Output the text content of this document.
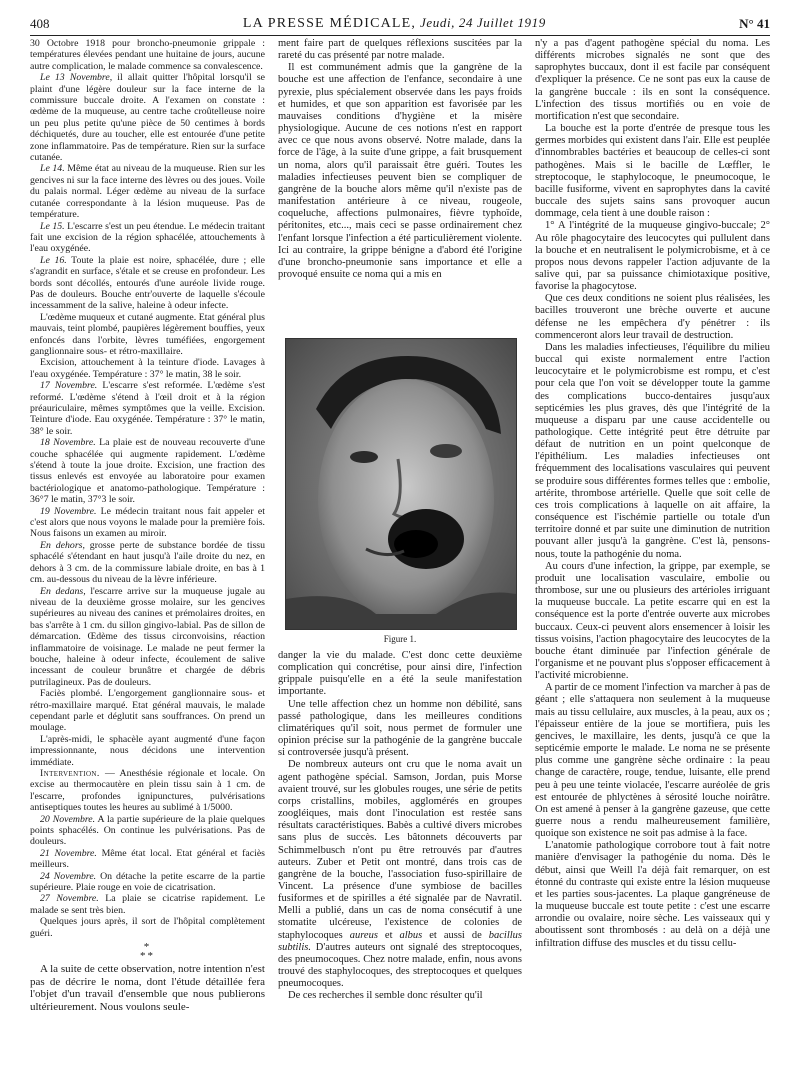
408	LA PRESSE MÉDICALE, Jeudi, 24 Juillet 1919	N° 41

30 Octobre 1918 pour broncho-pneumonie grippale : températures élevées pendant une huitaine de jours, aucune autre complication, le malade commence sa convalescence.

Le 13 Novembre, il allait quitter l'hôpital lorsqu'il se plaint d'une légère douleur sur la face interne de la commissure buccale droite. A l'examen on constate : œdème de la muqueuse, au centre tache croûtelleuse noire un peu plus petite qu'une pièce de 50 centimes à bords déchiquetés, dure au toucher, elle est entourée d'une petite zone inflammatoire. Pas de température. Rien sur la surface cutanée.

Le 14. Même état au niveau de la muqueuse. Rien sur les gencives ni sur la face interne des lèvres ou des joues. Voile du palais normal. Léger œdème au niveau de la surface cutanée correspondante à la lésion muqueuse. Pas de température.

Le 15. L'escarre s'est un peu étendue. Le médecin traitant fait une excision de la région sphacélée, attouchements à l'eau oxygénée.

Le 16. Toute la plaie est noire, sphacélée, dure ; elle s'agrandit en surface, s'étale et se creuse en profondeur. Les bords sont décollés, entourés d'une auréole livide rouge. Pas de douleurs. Bouche entr'ouverte de laquelle s'écoule incessamment de la salive, haleine à odeur infecte.

L'œdème muqueux et cutané augmente. Etat général plus mauvais, teint plombé, paupières légèrement bouffies, yeux enfoncés dans l'orbite, lèvres tuméfiées, engorgement ganglionnaire sous- et rétro-maxillaire.

Excision, attouchement à la teinture d'iode. Lavages à l'eau oxygénée. Température : 37° le matin, 38 le soir.

17 Novembre. L'escarre s'est reformée. L'œdème s'est reformé. L'œdème s'étend à l'œil droit et à la région préauriculaire, mêmes symptômes que la veille. Excision. Teinture d'iode. Eau oxygénée. Température : 37° le matin, 38° le soir.

18 Novembre. La plaie est de nouveau recouverte d'une couche sphacélée qui augmente rapidement. L'œdème s'étend à toute la joue droite. Excision, une fraction des tissus enlevés est envoyée au laboratoire pour examen bactériologique et anatomo-pathologique. Température : 36°7 le matin, 37°3 le soir.

19 Novembre. Le médecin traitant nous fait appeler et c'est alors que nous voyons le malade pour la première fois. Nous faisons un examen au miroir.

En dehors, grosse perte de substance bordée de tissu sphacélé s'étendant en haut jusqu'à l'aile droite du nez, en dehors à 3 cm. de la commissure labiale droite, en bas à 1 cm. au-dessous du niveau de la lèvre inférieure.

En dedans, l'escarre arrive sur la muqueuse jugale au niveau de la deuxième grosse molaire, sur les gencives supérieures au niveau des canines et prémolaires droites, en bas s'arrête à 1 cm. du sillon gingivo-labial. Pas de sillon de démarcation. Œdème des tissus circonvoisins, réaction inflammatoire de voisinage. Le malade ne peut fermer la bouche, haleine à odeur infecte, écoulement de salive incessant de couleur brunâtre et chargée de débris putrilagineux. Pas de douleurs.

Faciès plombé. L'engorgement ganglionnaire sous- et rétro-maxillaire marqué. Etat général mauvais, le malade cependant parle et déglutit sans souffrances. On prend un moulage.

L'après-midi, le sphacèle ayant augmenté d'une façon impressionnante, nous décidons une intervention immédiate.

Intervention. — Anesthésie régionale et locale. On excise au thermocautère en plein tissu sain à 1 cm. de l'escarre, profondes ignipunctures, pulvérisations antiseptiques toutes les heures au sublimé à 1/5000.

20 Novembre. A la partie supérieure de la plaie quelques points sphacélés. On continue les pulvérisations. Pas de douleurs.

21 Novembre. Même état local. Etat général et faciès meilleurs.

24 Novembre. On détache la petite escarre de la partie supérieure. Plaie rouge en voie de cicatrisation.

27 Novembre. La plaie se cicatrise rapidement. Le malade se sent très bien.

Quelques jours après, il sort de l'hôpital complètement guéri.

*
**

A la suite de cette observation, notre intention n'est pas de décrire le noma, dont l'étude détaillée fera l'objet d'un travail d'ensemble que nous publierons ultérieurement. Nous voulons seule-

ment faire part de quelques réflexions suscitées par la rareté du cas présenté par notre malade.

Il est communément admis que la gangrène de la bouche est une affection de l'enfance, secondaire à une pyrexie, plus spécialement observée dans les pays froids et humides, et que son apparition est favorisée par les mauvaises conditions d'hygiène et la misère physiologique. Aucune de ces notions n'est en rapport avec ce que nous avons observé. Notre malade, dans la force de l'âge, à la suite d'une grippe, a fait brusquement un noma, alors qu'il paraissait être guéri. Toutes les maladies infectieuses peuvent bien se compliquer de gangrène de la bouche alors même qu'il n'existe pas de manifestation antérieure à ce niveau, rougeole, coqueluche, affections pulmonaires, fièvre typhoïde, péritonites, etc..., mais ceci se passe ordinairement chez l'enfant lorsque l'infection a été particulièrement violente. Ici au contraire, la grippe bénigne a d'abord été l'origine d'une broncho-pneumonie sans importance et elle a provoqué ensuite ce noma qui a mis en

Figure 1.

danger la vie du malade. C'est donc cette deuxième complication qui concrétise, pour ainsi dire, l'infection grippale puisqu'elle en a été la seule manifestation importante.

Une telle affection chez un homme non débilité, sans passé pathologique, dans les meilleures conditions climatériques qu'il soit, nous permet de formuler une opinion précise sur la pathogénie de la gangrène buccale si controversée jusqu'à présent.

De nombreux auteurs ont cru que le noma avait un agent pathogène spécial. Samson, Jordan, puis Morse avaient trouvé, sur les globules rouges, une série de petits corps cristallins, mobiles, agglomérés en groupes zoogléiques, mais dont l'inoculation est restée sans résultats caractéristiques. Babès a cultivé divers microbes sans plus de succès. Les bâtonnets découverts par Schimmelbusch n'ont pu être retrouvés par d'autres auteurs. Zuber et Petit ont montré, dans trois cas de gangrène de la bouche, l'association fuso-spirillaire de Vincent. La présence d'une symbiose de bacilles fusiformes et de spirilles a été signalée par de Navratil. Melli a publié, dans un cas de noma consécutif à une stomatite ulcéreuse, l'existence de colonies de staphylocoques aureus et albus et aussi de bacillus subtilis. D'autres auteurs ont signalé des streptocoques, des pneumocoques. Chez notre malade, enfin, nous avons trouvé des staphylocoques, des streptocoques et quelques pneumocoques.

De ces recherches il semble donc résulter qu'il

n'y a pas d'agent pathogène spécial du noma. Les différents microbes signalés ne sont que des saprophytes buccaux, dont il est facile par conséquent d'expliquer la présence. Ce ne sont pas eux la cause de la gangrène buccale : ils en sont la conséquence. L'infection des tissus mortifiés ou en voie de mortification n'est que secondaire.

La bouche est la porte d'entrée de presque tous les germes morbides qui existent dans l'air. Elle est peuplée d'innombrables bactéries et beaucoup de celles-ci sont pathogènes. Mais si le bacille de Lœffler, le streptocoque, le staphylocoque, le pneumocoque, le bacille fusiforme, vivent en saprophytes dans la cavité buccale des sujets sains sans provoquer aucun dommage, cela tient à une double raison :

1° A l'intégrité de la muqueuse gingivo-buccale; 2° Au rôle phagocytaire des leucocytes qui pullulent dans la bouche et en neutralisent le polymicrobisme, et à ce propos nous devons rappeler l'action adjuvante de la salive qui, par sa puissance chimiotaxique positive, favorise la phagocytose.

Que ces deux conditions ne soient plus réalisées, les bacilles trouveront une brèche ouverte et aucune défense ne les empêchera d'y pénétrer : ils commenceront alors leur travail de destruction.

Dans les maladies infectieuses, l'équilibre du milieu buccal qui existe normalement entre l'action leucocytaire et le polymicrobisme est rompu, et c'est pour cela que l'on voit se développer toute la gamme des complications bucco-dentaires jusqu'aux septicémies les plus graves, dès que l'intégrité de la muqueuse a disparu par une cause accidentelle ou pathologique. Cette intégrité peut être détruite par défaut de nutrition en un point quelconque de l'épithélium. Les maladies infectieuses ont fréquemment des localisations vasculaires qui peuvent se produire sous différentes formes telles que : embolie, artérite, thrombose artérielle. Quelle que soit celle de ces trois complications à laquelle on ait affaire, la conséquence est l'ischémie partielle ou totale d'un territoire donné et par suite une diminution de nutrition pouvant aller jusqu'à la gangrène. C'est là, pensons-nous, toute la pathogénie du noma.

Au cours d'une infection, la grippe, par exemple, se produit une localisation vasculaire, embolie ou thrombose, sur une ou plusieurs des artérioles irriguant la muqueuse buccale. La petite escarre qui en est la conséquence est la porte d'entrée ouverte aux microbes buccaux. Ceux-ci peuvent alors ensemencer à loisir les tissus voisins, l'action phagocytaire des leucocytes de la bouche étant diminuée par l'infection générale de l'organisme et ne pouvant plus s'opposer efficacement à l'activité microbienne.

A partir de ce moment l'infection va marcher à pas de géant ; elle s'attaquera non seulement à la muqueuse mais au tissu cellulaire, aux muscles, à la peau, aux os ; l'épaisseur entière de la joue se mortifiera, puis les gencives, le maxillaire, les dents, jusqu'à ce que la septicémie emporte le malade. Le noma ne se présente plus comme une gangrène sèche ordinaire : la peau change de caractère, rouge, tendue, luisante, elle prend peu à peu une teinte violacée, l'escarre auréolée de gris est entourée de phlyctènes à sérosité louche noirâtre. On est amené à penser à la gangrène gazeuse, que cette guerre nous a rendu malheureusement familière, quoique son existence ne soit pas admise à la face.

L'anatomie pathologique corrobore tout à fait notre manière d'envisager la pathogénie du noma. Dès le début, ainsi que Weill l'a déjà fait remarquer, on est étonné du contraste qui existe entre la lésion muqueuse et les parties sous-jacentes. La plaque gangréneuse de la muqueuse buccale est toute petite : c'est une escarre arrondie ou ovalaire, noire sèche. Les vaisseaux qui y aboutissent sont thrombosés : au delà on a déjà une infiltration diffuse des muscles et du tissu cellu-
